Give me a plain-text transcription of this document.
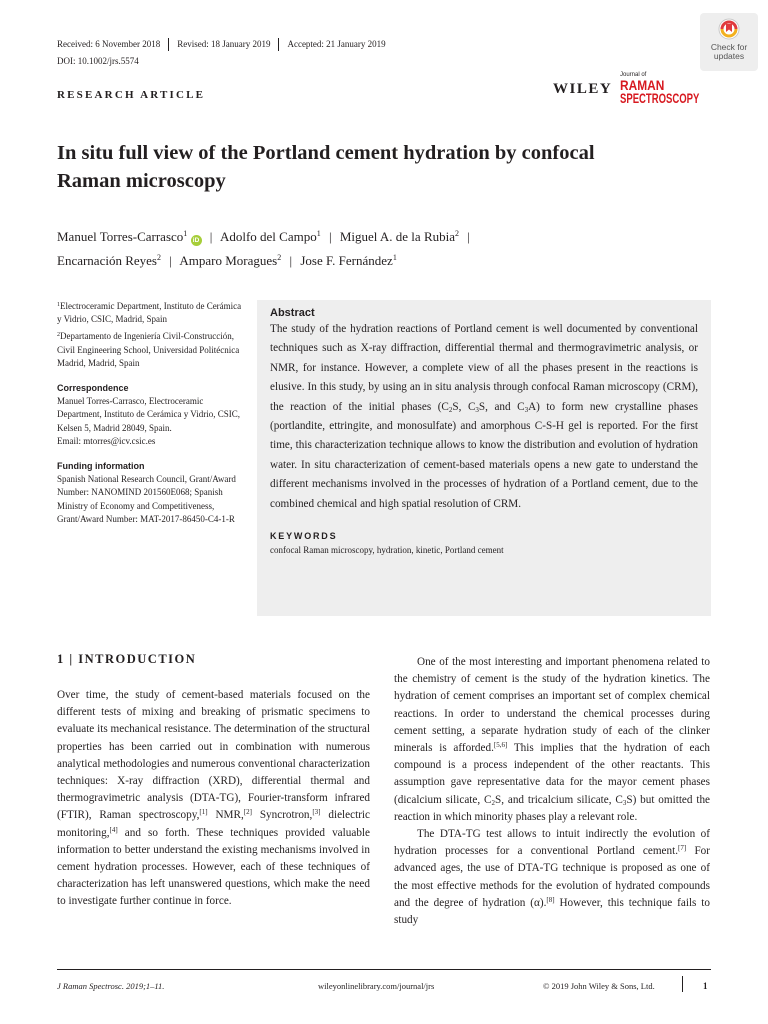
Received: 6 November 2018	Revised: 18 January 2019	Accepted: 21 January 2019
DOI: 10.1002/jrs.5574
RESEARCH ARTICLE
Check for
updates
WILEY
Journal of
RAMAN
SPECTROSCOPY
In situ full view of the Portland cement hydration by confocal Raman microscopy
Manuel Torres-Carrasco$^1$ iD | Adolfo del Campo$^1$ | Miguel A. de la Rubia$^2$ |
Encarnación Reyes$^2$ | Amparo Moragues$^2$ | Jose F. Fernández$^1$
$^1$Electroceramic Department, Instituto de Cerámica y Vidrio, CSIC, Madrid, Spain
$^2$Departamento de Ingeniería Civil-Construcción, Civil Engineering School, Universidad Politécnica Madrid, Madrid, Spain
Correspondence
Manuel Torres-Carrasco, Electroceramic Department, Instituto de Cerámica y Vidrio, CSIC, Kelsen 5, Madrid 28049, Spain.
Email: mtorres@icv.csic.es
Funding information
Spanish National Research Council, Grant/Award Number: NANOMIND 201560E068; Spanish Ministry of Economy and Competitiveness, Grant/Award Number: MAT-2017-86450-C4-1-R
Abstract
The study of the hydration reactions of Portland cement is well documented by conventional techniques such as X-ray diffraction, differential thermal and thermogravimetric analysis, or NMR, for instance. However, a complete view of all the phases present in the reactions is elusive. In this study, by using an in situ analysis through confocal Raman microscopy (CRM), the reaction of the initial phases ($C_2S$, $C_3S$, and $C_3A$) to form new crystalline phases (portlandite, ettringite, and monosulfate) and amorphous C-S-H gel is reported. For the first time, this characterization technique allows to know the distribution and evolution of hydration water. In situ characterization of cement-based materials opens a new gate to understand the different mechanisms involved in the processes of hydration of a Portland cement, due to the combined chemical and high spatial resolution of CRM.
KEYWORDS
confocal Raman microscopy, hydration, kinetic, Portland cement
1 | INTRODUCTION

Over time, the study of cement-based materials focused on the different tests of mixing and breaking of prismatic specimens to evaluate its mechanical resistance. The determination of the structural properties has been carried out in combination with numerous analytical methodologies and numerous conventional characterization techniques: X-ray diffraction (XRD), differential thermal and thermogravimetric analysis (DTA-TG), Fourier-transform infrared (FTIR), Raman spectroscopy,[1] NMR,[2] Syncrotron,[3] dielectric monitoring,[4] and so forth. These techniques provided valuable information to better understand the existing mechanisms involved in cement hydration processes. However, each of these techniques of characterization has left unanswered questions, which make the need to investigate further continue in force.

One of the most interesting and important phenomena related to the chemistry of cement is the study of the hydration kinetics. The hydration of cement comprises an important set of complex chemical reactions. In order to understand the chemical processes during cement setting, a separate hydration study of each of the clinker minerals is afforded.[5,6] This implies that the hydration of each compound is a process independent of the other reactants. This assumption gave representative data for the mayor cement phases (dicalcium silicate, $C_2S$, and tricalcium silicate, $C_3S$) but omitted the reaction in which minority phases play a relevant role.

The DTA-TG test allows to intuit indirectly the evolution of hydration processes for a conventional Portland cement.[7] For advanced ages, the use of DTA-TG technique is proposed as one of the most effective methods for the evolution of hydrated compounds and the degree of hydration (α).[8] However, this technique fails to study

J Raman Spectrosc. 2019;1–11.	wileyonlinelibrary.com/journal/jrs	© 2019 John Wiley & Sons, Ltd.	1
